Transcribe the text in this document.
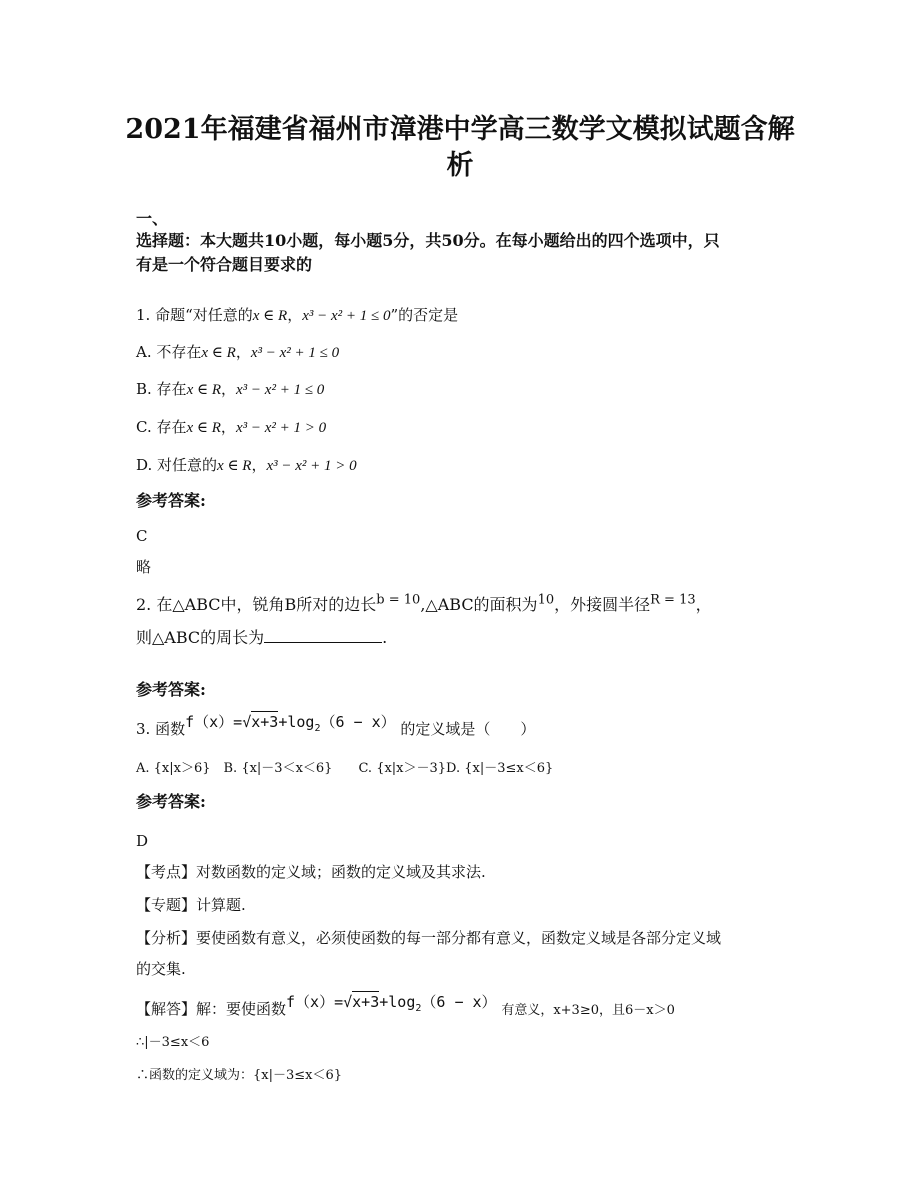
2021年福建省福州市漳港中学高三数学文模拟试题含解
析
一、
选择题：本大题共10小题，每小题5分，共50分。在每小题给出的四个选项中，只
有是一个符合题目要求的
1. 命题“对任意的x ∈ R，x³ − x² + 1 ≤ 0”的否定是
A. 不存在x ∈ R，x³ − x² + 1 ≤ 0
B. 存在x ∈ R，x³ − x² + 1 ≤ 0
C. 存在x ∈ R，x³ − x² + 1 > 0
D. 对任意的x ∈ R，x³ − x² + 1 > 0
参考答案:
C
略
2. 在△ABC中，锐角B所对的边长$^{b = 10}$,△ABC的面积为$^{10}$，外接圆半径$^{R = 13}$，
则△ABC的周长为	.
参考答案:
3. 函数$f(x)=√x+3+\log_2(6 - x)$ 的定义域是（　　）
A. {x|x＞6}　B. {x|－3＜x＜6}　　C. {x|x＞－3}D. {x|－3≤x＜6}
参考答案:
D
【考点】对数函数的定义域；函数的定义域及其求法.
【专题】计算题.
【分析】要使函数有意义，必须使函数的每一部分都有意义，函数定义域是各部分定义域
的交集.
【解答】解：要使函数$f(x)=√x+3+\log_2(6 - x)$ 有意义，x+3≥0，且6－x＞0
∴|－3≤x＜6
∴函数的定义域为：{x|－3≤x＜6}
